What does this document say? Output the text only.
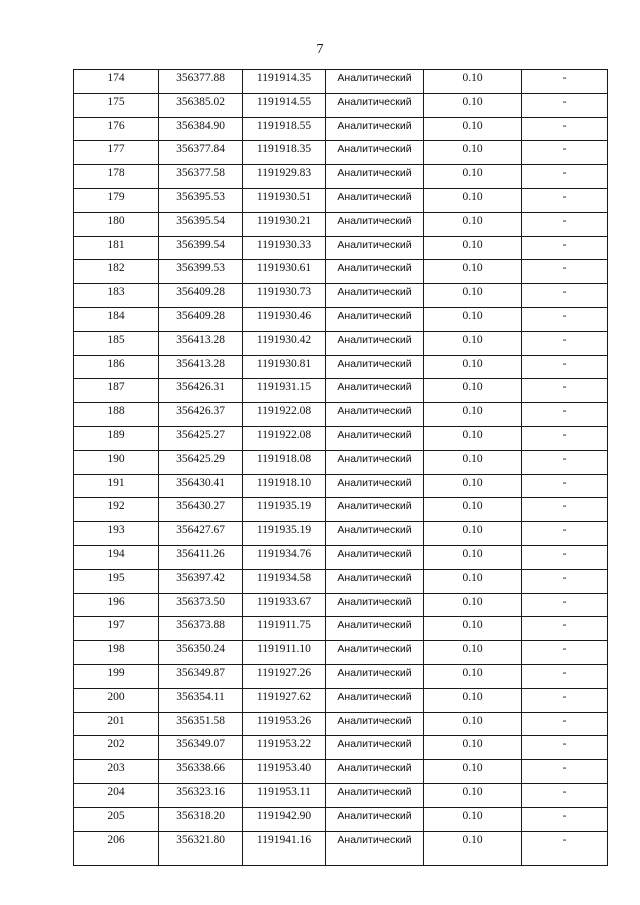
7
174	356377.88	1191914.35	Аналитический	0.10	-
175	356385.02	1191914.55	Аналитический	0.10	-
176	356384.90	1191918.55	Аналитический	0.10	-
177	356377.84	1191918.35	Аналитический	0.10	-
178	356377.58	1191929.83	Аналитический	0.10	-
179	356395.53	1191930.51	Аналитический	0.10	-
180	356395.54	1191930.21	Аналитический	0.10	-
181	356399.54	1191930.33	Аналитический	0.10	-
182	356399.53	1191930.61	Аналитический	0.10	-
183	356409.28	1191930.73	Аналитический	0.10	-
184	356409.28	1191930.46	Аналитический	0.10	-
185	356413.28	1191930.42	Аналитический	0.10	-
186	356413.28	1191930.81	Аналитический	0.10	-
187	356426.31	1191931.15	Аналитический	0.10	-
188	356426.37	1191922.08	Аналитический	0.10	-
189	356425.27	1191922.08	Аналитический	0.10	-
190	356425.29	1191918.08	Аналитический	0.10	-
191	356430.41	1191918.10	Аналитический	0.10	-
192	356430.27	1191935.19	Аналитический	0.10	-
193	356427.67	1191935.19	Аналитический	0.10	-
194	356411.26	1191934.76	Аналитический	0.10	-
195	356397.42	1191934.58	Аналитический	0.10	-
196	356373.50	1191933.67	Аналитический	0.10	-
197	356373.88	1191911.75	Аналитический	0.10	-
198	356350.24	1191911.10	Аналитический	0.10	-
199	356349.87	1191927.26	Аналитический	0.10	-
200	356354.11	1191927.62	Аналитический	0.10	-
201	356351.58	1191953.26	Аналитический	0.10	-
202	356349.07	1191953.22	Аналитический	0.10	-
203	356338.66	1191953.40	Аналитический	0.10	-
204	356323.16	1191953.11	Аналитический	0.10	-
205	356318.20	1191942.90	Аналитический	0.10	-
206	356321.80	1191941.16	Аналитический	0.10	-
